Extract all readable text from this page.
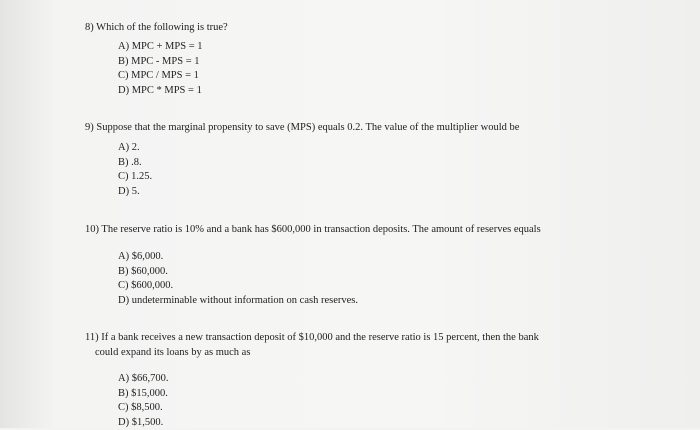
8) Which of the following is true?
A) MPC + MPS = 1
B) MPC - MPS = 1
C) MPC / MPS = 1
D) MPC * MPS = 1
9) Suppose that the marginal propensity to save (MPS) equals 0.2. The value of the multiplier would be
A) 2.
B) .8.
C) 1.25.
D) 5.
10) The reserve ratio is 10% and a bank has $600,000 in transaction deposits. The amount of reserves equals
A) $6,000.
B) $60,000.
C) $600,000.
D) undeterminable without information on cash reserves.
11) If a bank receives a new transaction deposit of $10,000 and the reserve ratio is 15 percent, then the bank
could expand its loans by as much as
A) $66,700.
B) $15,000.
C) $8,500.
D) $1,500.
